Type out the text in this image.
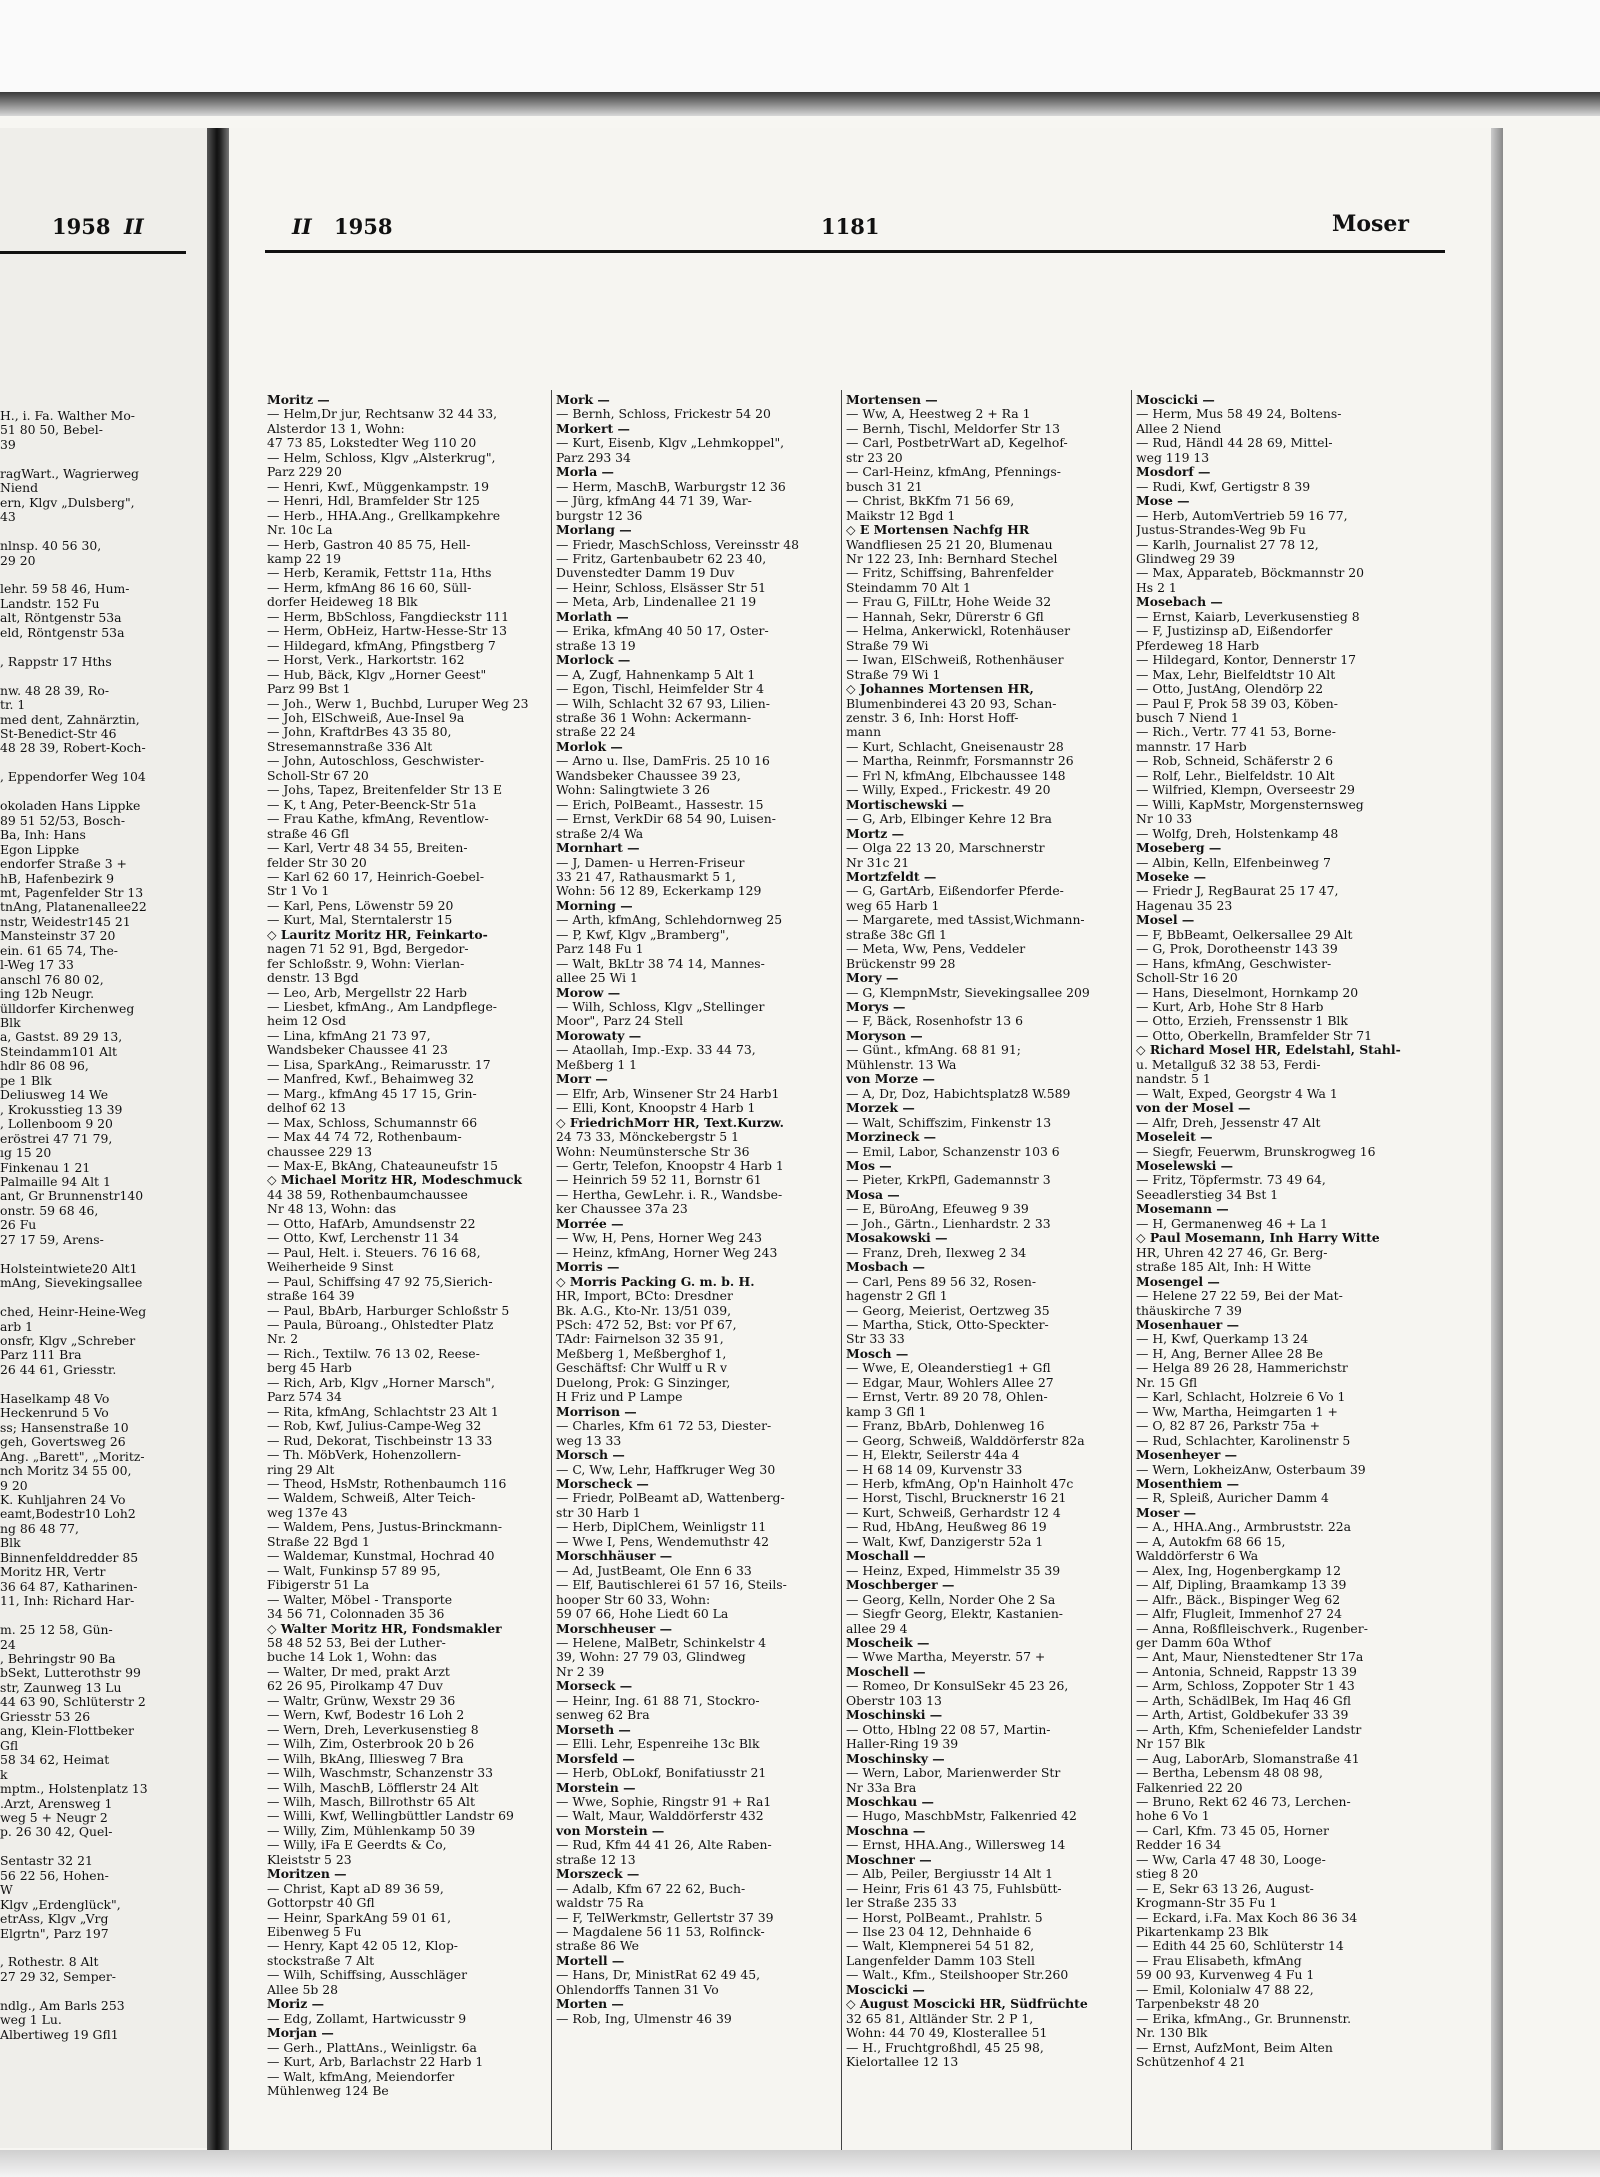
1958 II
H., i. Fa. Walther Mo-
51 80 50, Bebel-
39

ragWart., Wagrierweg
Niend
ern, Klgv „Dulsberg",
43

nlnsp. 40 56 30,
29 20

lehr. 59 58 46, Hum-
Landstr. 152 Fu
alt, Röntgenstr 53a
eld, Röntgenstr 53a

, Rappstr 17 Hths

nw. 48 28 39, Ro-
tr. 1
med dent, Zahnärztin,
St-Benedict-Str 46
48 28 39, Robert-Koch-

, Eppendorfer Weg 104

okoladen Hans Lippke
89 51 52/53, Bosch-
Ba, Inh: Hans
Egon Lippke
endorfer Straße 3 +
hB, Hafenbezirk 9
mt, Pagenfelder Str 13
tnAng, Platanenallee22
nstr, Weidestr145 21
Mansteinstr 37 20
ein. 61 65 74, The-
l-Weg 17 33
anschl 76 80 02,
ing 12b Neugr.
ülldorfer Kirchenweg
Blk
a, Gastst. 89 29 13,
Steindamm101 Alt
hdlr 86 08 96,
pe 1 Blk
Deliusweg 14 We
, Krokusstieg 13 39
, Lollenboom 9 20
eröstrei 47 71 79,
ıg 15 20
Finkenau 1 21
Palmaille 94 Alt 1
ant, Gr Brunnenstr140
onstr. 59 68 46,
26 Fu
27 17 59, Arens-

Holsteintwiete20 Alt1
mAng, Sievekingsallee

ched, Heinr-Heine-Weg
arb 1
onsfr, Klgv „Schreber
Parz 111 Bra
26 44 61, Griesstr.

Haselkamp 48 Vo
Heckenrund 5 Vo
ss; Hansenstraße 10
geh, Govertsweg 26
Ang. „Barett", „Moritz-
nch Moritz 34 55 00,
9 20
K. Kuhljahren 24 Vo
eamt,Bodestr10 Loh2
ng 86 48 77,
Blk
Binnenfelddredder 85
Moritz HR, Vertr
36 64 87, Katharinen-
11, Inh: Richard Har-

m. 25 12 58, Gün-
24
, Behringstr 90 Ba
bSekt, Lutterothstr 99
str, Zaunweg 13 Lu
44 63 90, Schlüterstr 2
Griesstr 53 26
ang, Klein-Flottbeker
Gfl
58 34 62, Heimat
k
mptm., Holstenplatz 13
.Arzt, Arensweg 1
weg 5 + Neugr 2
p. 26 30 42, Quel-

Sentastr 32 21
56 22 56, Hohen-
W
Klgv „Erdenglück",
etrAss, Klgv „Vrg
Elgrtn", Parz 197

, Rothestr. 8 Alt
27 29 32, Semper-

ndlg., Am Barls 253
weg 1 Lu.
Albertiweg 19 Gfl1
II 1958	1181	Moser
Moritz —
— Helm,Dr jur, Rechtsanw 32 44 33,
Alsterdor 13 1, Wohn:
47 73 85, Lokstedter Weg 110 20
— Helm, Schloss, Klgv „Alsterkrug",
Parz 229 20
— Henri, Kwf., Müggenkampstr. 19
— Henri, Hdl, Bramfelder Str 125
— Herb., HHA.Ang., Grellkampkehre
Nr. 10c La
— Herb, Gastron 40 85 75, Hell-
kamp 22 19
— Herb, Keramik, Fettstr 11a, Hths
— Herm, kfmAng 86 16 60, Süll-
dorfer Heideweg 18 Blk
— Herm, BbSchloss, Fangdieckstr 111
— Herm, ObHeiz, Hartw-Hesse-Str 13
— Hildegard, kfmAng, Pfingstberg 7
— Horst, Verk., Harkortstr. 162
— Hub, Bäck, Klgv „Horner Geest"
Parz 99 Bst 1
— Joh., Werw 1, Buchbd, Luruper Weg 23
— Joh, ElSchweiß, Aue-Insel 9a
— John, KraftdrBes 43 35 80,
Stresemannstraße 336 Alt
— John, Autoschloss, Geschwister-
Scholl-Str 67 20
— Johs, Tapez, Breitenfelder Str 13 E
— K, t Ang, Peter-Beenck-Str 51a
— Frau Kathe, kfmAng, Reventlow-
straße 46 Gfl
— Karl, Vertr 48 34 55, Breiten-
felder Str 30 20
— Karl 62 60 17, Heinrich-Goebel-
Str 1 Vo 1
— Karl, Pens, Löwenstr 59 20
— Kurt, Mal, Sterntalerstr 15
◇ Lauritz Moritz HR, Feinkarto-
nagen 71 52 91, Bgd, Bergedor-
fer Schloßstr. 9, Wohn: Vierlan-
denstr. 13 Bgd
— Leo, Arb, Mergellstr 22 Harb
— Liesbet, kfmAng., Am Landpflege-
heim 12 Osd
— Lina, kfmAng 21 73 97,
Wandsbeker Chaussee 41 23
— Lisa, SparkAng., Reimarusstr. 17
— Manfred, Kwf., Behaimweg 32
— Marg., kfmAng 45 17 15, Grin-
delhof 62 13
— Max, Schloss, Schumannstr 66
— Max 44 74 72, Rothenbaum-
chaussee 229 13
— Max-E, BkAng, Chateauneufstr 15
◇ Michael Moritz HR, Modeschmuck
44 38 59, Rothenbaumchaussee
Nr 48 13, Wohn: das
— Otto, HafArb, Amundsenstr 22
— Otto, Kwf, Lerchenstr 11 34
— Paul, Helt. i. Steuers. 76 16 68,
Weiherheide 9 Sinst
— Paul, Schiffsing 47 92 75,Sierich-
straße 164 39
— Paul, BbArb, Harburger Schloßstr 5
— Paula, Büroang., Ohlstedter Platz
Nr. 2
— Rich., Textilw. 76 13 02, Reese-
berg 45 Harb
— Rich, Arb, Klgv „Horner Marsch",
Parz 574 34
— Rita, kfmAng, Schlachtstr 23 Alt 1
— Rob, Kwf, Julius-Campe-Weg 32
— Rud, Dekorat, Tischbeinstr 13 33
— Th. MöbVerk, Hohenzollern-
ring 29 Alt
— Theod, HsMstr, Rothenbaumch 116
— Waldem, Schweiß, Alter Teich-
weg 137e 43
— Waldem, Pens, Justus-Brinckmann-
Straße 22 Bgd 1
— Waldemar, Kunstmal, Hochrad 40
— Walt, Funkinsp 57 89 95,
Fibigerstr 51 La
— Walter, Möbel - Transporte
34 56 71, Colonnaden 35 36
◇ Walter Moritz HR, Fondsmakler
58 48 52 53, Bei der Luther-
buche 14 Lok 1, Wohn: das
— Walter, Dr med, prakt Arzt
62 26 95, Pirolkamp 47 Duv
— Waltr, Grünw, Wexstr 29 36
— Wern, Kwf, Bodestr 16 Loh 2
— Wern, Dreh, Leverkusenstieg 8
— Wilh, Zim, Osterbrook 20 b 26
— Wilh, BkAng, Illiesweg 7 Bra
— Wilh, Waschmstr, Schanzenstr 33
— Wilh, MaschB, Löfflerstr 24 Alt
— Wilh, Masch, Billrothstr 65 Alt
— Willi, Kwf, Wellingbüttler Landstr 69
— Willy, Zim, Mühlenkamp 50 39
— Willy, iFa E Geerdts & Co,
Kleiststr 5 23
Moritzen —
— Christ, Kapt aD 89 36 59,
Gottorpstr 40 Gfl
— Heinr, SparkAng 59 01 61,
Eibenweg 5 Fu
— Henry, Kapt 42 05 12, Klop-
stockstraße 7 Alt
— Wilh, Schiffsing, Ausschläger
Allee 5b 28
Moriz —
— Edg, Zollamt, Hartwicusstr 9
Morjan —
— Gerh., PlattAns., Weinligstr. 6a
— Kurt, Arb, Barlachstr 22 Harb 1
— Walt, kfmAng, Meiendorfer
Mühlenweg 124 Be
Mork —
— Bernh, Schloss, Frickestr 54 20
Morkert —
— Kurt, Eisenb, Klgv „Lehmkoppel",
Parz 293 34
Morla —
— Herm, MaschB, Warburgstr 12 36
— Jürg, kfmAng 44 71 39, War-
burgstr 12 36
Morlang —
— Friedr, MaschSchloss, Vereinsstr 48
— Fritz, Gartenbaubetr 62 23 40,
Duvenstedter Damm 19 Duv
— Heinr, Schloss, Elsässer Str 51
— Meta, Arb, Lindenallee 21 19
Morlath —
— Erika, kfmAng 40 50 17, Oster-
straße 13 19
Morlock —
— A, Zugf, Hahnenkamp 5 Alt 1
— Egon, Tischl, Heimfelder Str 4
— Wilh, Schlacht 32 67 93, Lilien-
straße 36 1 Wohn: Ackermann-
straße 22 24
Morlok —
— Arno u. Ilse, DamFris. 25 10 16
Wandsbeker Chaussee 39 23,
Wohn: Salingtwiete 3 26
— Erich, PolBeamt., Hassestr. 15
— Ernst, VerkDir 68 54 90, Luisen-
straße 2/4 Wa
Mornhart —
— J, Damen- u Herren-Friseur
33 21 47, Rathausmarkt 5 1,
Wohn: 56 12 89, Eckerkamp 129
Morning —
— Arth, kfmAng, Schlehdornweg 25
— P, Kwf, Klgv „Bramberg",
Parz 148 Fu 1
— Walt, BkLtr 38 74 14, Mannes-
allee 25 Wi 1
Morow —
— Wilh, Schloss, Klgv „Stellinger
Moor", Parz 24 Stell
Morowaty —
— Ataollah, Imp.-Exp. 33 44 73,
Meßberg 1 1
Morr —
— Elfr, Arb, Winsener Str 24 Harb1
— Elli, Kont, Knoopstr 4 Harb 1
◇ FriedrichMorr HR, Text.Kurzw.
24 73 33, Mönckebergstr 5 1
Wohn: Neumünstersche Str 36
— Gertr, Telefon, Knoopstr 4 Harb 1
— Heinrich 59 52 11, Bornstr 61
— Hertha, GewLehr. i. R., Wandsbe-
ker Chaussee 37a 23
Morrée —
— Ww, H, Pens, Horner Weg 243
— Heinz, kfmAng, Horner Weg 243
Morris —
◇ Morris Packing G. m. b. H.
HR, Import, BCto: Dresdner
Bk. A.G., Kto-Nr. 13/51 039,
PSch: 472 52, Bst: vor Pf 67,
TAdr: Fairnelson 32 35 91,
Meßberg 1, Meßberghof 1,
Geschäftsf: Chr Wulff u R v
Duelong, Prok: G Sinzinger,
H Friz und P Lampe
Morrison —
— Charles, Kfm 61 72 53, Diester-
weg 13 33
Morsch —
— C, Ww, Lehr, Haffkruger Weg 30
Morscheck —
— Friedr, PolBeamt aD, Wattenberg-
str 30 Harb 1
— Herb, DiplChem, Weinligstr 11
— Wwe I, Pens, Wendemuthstr 42
Morschhäuser —
— Ad, JustBeamt, Ole Enn 6 33
— Elf, Bautischlerei 61 57 16, Steils-
hooper Str 60 33, Wohn:
59 07 66, Hohe Liedt 60 La
Morschheuser —
— Helene, MalBetr, Schinkelstr 4
39, Wohn: 27 79 03, Glindweg
Nr 2 39
Morseck —
— Heinr, Ing. 61 88 71, Stockro-
senweg 62 Bra
Morseth —
— Elli. Lehr, Espenreihe 13c Blk
Morsfeld —
— Herb, ObLokf, Bonifatiusstr 21
Morstein —
— Wwe, Sophie, Ringstr 91 + Ra1
— Walt, Maur, Walddörferstr 432
von Morstein —
— Rud, Kfm 44 41 26, Alte Raben-
straße 12 13
Morszeck —
— Adalb, Kfm 67 22 62, Buch-
waldstr 75 Ra
— F, TelWerkmstr, Gellertstr 37 39
— Magdalene 56 11 53, Rolfinck-
straße 86 We
Mortell —
— Hans, Dr, MinistRat 62 49 45,
Ohlendorffs Tannen 31 Vo
Morten —
— Rob, Ing, Ulmenstr 46 39
Mortensen —
— Ww, A, Heestweg 2 + Ra 1
— Bernh, Tischl, Meldorfer Str 13
— Carl, PostbetrWart aD, Kegelhof-
str 23 20
— Carl-Heinz, kfmAng, Pfennings-
busch 31 21
— Christ, BkKfm 71 56 69,
Maikstr 12 Bgd 1
◇ E Mortensen Nachfg HR
Wandfliesen 25 21 20, Blumenau
Nr 122 23, Inh: Bernhard Stechel
— Fritz, Schiffsing, Bahrenfelder
Steindamm 70 Alt 1
— Frau G, FilLtr, Hohe Weide 32
— Hannah, Sekr, Dürerstr 6 Gfl
— Helma, Ankerwickl, Rotenhäuser
Straße 79 Wi
— Iwan, ElSchweiß, Rothenhäuser
Straße 79 Wi 1
◇ Johannes Mortensen HR,
Blumenbinderei 43 20 93, Schan-
zenstr. 3 6, Inh: Horst Hoff-
mann
— Kurt, Schlacht, Gneisenaustr 28
— Martha, Reinmfr, Forsmannstr 26
— Frl N, kfmAng, Elbchaussee 148
— Willy, Exped., Frickestr. 49 20
Mortischewski —
— G, Arb, Elbinger Kehre 12 Bra
Mortz —
— Olga 22 13 20, Marschnerstr
Nr 31c 21
Mortzfeldt —
— G, GartArb, Eißendorfer Pferde-
weg 65 Harb 1
— Margarete, med tAssist,Wichmann-
straße 38c Gfl 1
— Meta, Ww, Pens, Veddeler
Brückenstr 99 28
Mory —
— G, KlempnMstr, Sievekingsallee 209
Morys —
— F, Bäck, Rosenhofstr 13 6
Moryson —
— Günt., kfmAng. 68 81 91;
Mühlenstr. 13 Wa
von Morze —
— A, Dr, Doz, Habichtsplatz8 W.589
Morzek —
— Walt, Schiffszim, Finkenstr 13
Morzineck —
— Emil, Labor, Schanzenstr 103 6
Mos —
— Pieter, KrkPfl, Gademannstr 3
Mosa —
— E, BüroAng, Efeuweg 9 39
— Joh., Gärtn., Lienhardstr. 2 33
Mosakowski —
— Franz, Dreh, Ilexweg 2 34
Mosbach —
— Carl, Pens 89 56 32, Rosen-
hagenstr 2 Gfl 1
— Georg, Meierist, Oertzweg 35
— Martha, Stick, Otto-Speckter-
Str 33 33
Mosch —
— Wwe, E, Oleanderstieg1 + Gfl
— Edgar, Maur, Wohlers Allee 27
— Ernst, Vertr. 89 20 78, Ohlen-
kamp 3 Gfl 1
— Franz, BbArb, Dohlenweg 16
— Georg, Schweiß, Walddörferstr 82a
— H, Elektr, Seilerstr 44a 4
— H 68 14 09, Kurvenstr 33
— Herb, kfmAng, Op'n Hainholt 47c
— Horst, Tischl, Brucknerstr 16 21
— Kurt, Schweiß, Gerhardstr 12 4
— Rud, HbAng, Heußweg 86 19
— Walt, Kwf, Danzigerstr 52a 1
Moschall —
— Heinz, Exped, Himmelstr 35 39
Moschberger —
— Georg, Kelln, Norder Ohe 2 Sa
— Siegfr Georg, Elektr, Kastanien-
allee 29 4
Moscheik —
— Wwe Martha, Meyerstr. 57 +
Moschell —
— Romeo, Dr KonsulSekr 45 23 26,
Oberstr 103 13
Moschinski —
— Otto, Hblng 22 08 57, Martin-
Haller-Ring 19 39
Moschinsky —
— Wern, Labor, Marienwerder Str
Nr 33a Bra
Moschkau —
— Hugo, MaschbMstr, Falkenried 42
Moschna —
— Ernst, HHA.Ang., Willersweg 14
Moschner —
— Alb, Peiler, Bergiusstr 14 Alt 1
— Heinr, Fris 61 43 75, Fuhlsbütt-
ler Straße 235 33
— Horst, PolBeamt., Prahlstr. 5
— Ilse 23 04 12, Dehnhaide 6
— Walt, Klempnerei 54 51 82,
Langenfelder Damm 103 Stell
— Walt., Kfm., Steilshooper Str.260
Moscicki —
◇ August Moscicki HR, Südfrüchte
32 65 81, Altländer Str. 2 P 1,
Wohn: 44 70 49, Klosterallee 51
— H., Fruchtgroßhdl, 45 25 98,
Kielortallee 12 13
Moscicki —
— Herm, Mus 58 49 24, Boltens-
Allee 2 Niend
— Rud, Händl 44 28 69, Mittel-
weg 119 13
Mosdorf —
— Rudi, Kwf, Gertigstr 8 39
Mose —
— Herb, AutomVertrieb 59 16 77,
Justus-Strandes-Weg 9b Fu
— Karlh, Journalist 27 78 12,
Glindweg 29 39
— Max, Apparateb, Böckmannstr 20
Hs 2 1
Mosebach —
— Ernst, Kaiarb, Leverkusenstieg 8
— F, Justizinsp aD, Eißendorfer
Pferdeweg 18 Harb
— Hildegard, Kontor, Dennerstr 17
— Max, Lehr, Bielfeldtstr 10 Alt
— Otto, JustAng, Olendörp 22
— Paul F, Prok 58 39 03, Köben-
busch 7 Niend 1
— Rich., Vertr. 77 41 53, Borne-
mannstr. 17 Harb
— Rob, Schneid, Schäferstr 2 6
— Rolf, Lehr., Bielfeldstr. 10 Alt
— Wilfried, Klempn, Overseestr 29
— Willi, KapMstr, Morgensternsweg
Nr 10 33
— Wolfg, Dreh, Holstenkamp 48
Moseberg —
— Albin, Kelln, Elfenbeinweg 7
Moseke —
— Friedr J, RegBaurat 25 17 47,
Hagenau 35 23
Mosel —
— F, BbBeamt, Oelkersallee 29 Alt
— G, Prok, Dorotheenstr 143 39
— Hans, kfmAng, Geschwister-
Scholl-Str 16 20
— Hans, Dieselmont, Hornkamp 20
— Kurt, Arb, Hohe Str 8 Harb
— Otto, Erzieh, Frenssenstr 1 Blk
— Otto, Oberkelln, Bramfelder Str 71
◇ Richard Mosel HR, Edelstahl, Stahl-
u. Metallguß 32 38 53, Ferdi-
nandstr. 5 1
— Walt, Exped, Georgstr 4 Wa 1
von der Mosel —
— Alfr, Dreh, Jessenstr 47 Alt
Moseleit —
— Siegfr, Feuerwm, Brunskrogweg 16
Moselewski —
— Fritz, Töpfermstr. 73 49 64,
Seeadlerstieg 34 Bst 1
Mosemann —
— H, Germanenweg 46 + La 1
◇ Paul Mosemann, Inh Harry Witte
HR, Uhren 42 27 46, Gr. Berg-
straße 185 Alt, Inh: H Witte
Mosengel —
— Helene 27 22 59, Bei der Mat-
thäuskirche 7 39
Mosenhauer —
— H, Kwf, Querkamp 13 24
— H, Ang, Berner Allee 28 Be
— Helga 89 26 28, Hammerichstr
Nr. 15 Gfl
— Karl, Schlacht, Holzreie 6 Vo 1
— Ww, Martha, Heimgarten 1 +
— O, 82 87 26, Parkstr 75a +
— Rud, Schlachter, Karolinenstr 5
Mosenheyer —
— Wern, LokheizAnw, Osterbaum 39
Mosenthiem —
— R, Spleiß, Auricher Damm 4
Moser —
— A., HHA.Ang., Armbruststr. 22a
— A, Autokfm 68 66 15,
Walddörferstr 6 Wa
— Alex, Ing, Hogenbergkamp 12
— Alf, Dipling, Braamkamp 13 39
— Alfr., Bäck., Bispinger Weg 62
— Alfr, Flugleit, Immenhof 27 24
— Anna, Roßflleischverk., Rugenber-
ger Damm 60a Wthof
— Ant, Maur, Nienstedtener Str 17a
— Antonia, Schneid, Rappstr 13 39
— Arm, Schloss, Zoppoter Str 1 43
— Arth, SchädlBek, Im Haq 46 Gfl
— Arth, Artist, Goldbekufer 33 39
— Arth, Kfm, Scheniefelder Landstr
Nr 157 Blk
— Aug, LaborArb, Slomanstraße 41
— Bertha, Lebensm 48 08 98,
Falkenried 22 20
— Bruno, Rekt 62 46 73, Lerchen-
hohe 6 Vo 1
— Carl, Kfm. 73 45 05, Horner
Redder 16 34
— Ww, Carla 47 48 30, Looge-
stieg 8 20
— E, Sekr 63 13 26, August-
Krogmann-Str 35 Fu 1
— Eckard, i.Fa. Max Koch 86 36 34
Pikartenkamp 23 Blk
— Edith 44 25 60, Schlüterstr 14
— Frau Elisabeth, kfmAng
59 00 93, Kurvenweg 4 Fu 1
— Emil, Kolonialw 47 88 22,
Tarpenbekstr 48 20
— Erika, kfmAng., Gr. Brunnenstr.
Nr. 130 Blk
— Ernst, AufzMont, Beim Alten
Schützenhof 4 21
